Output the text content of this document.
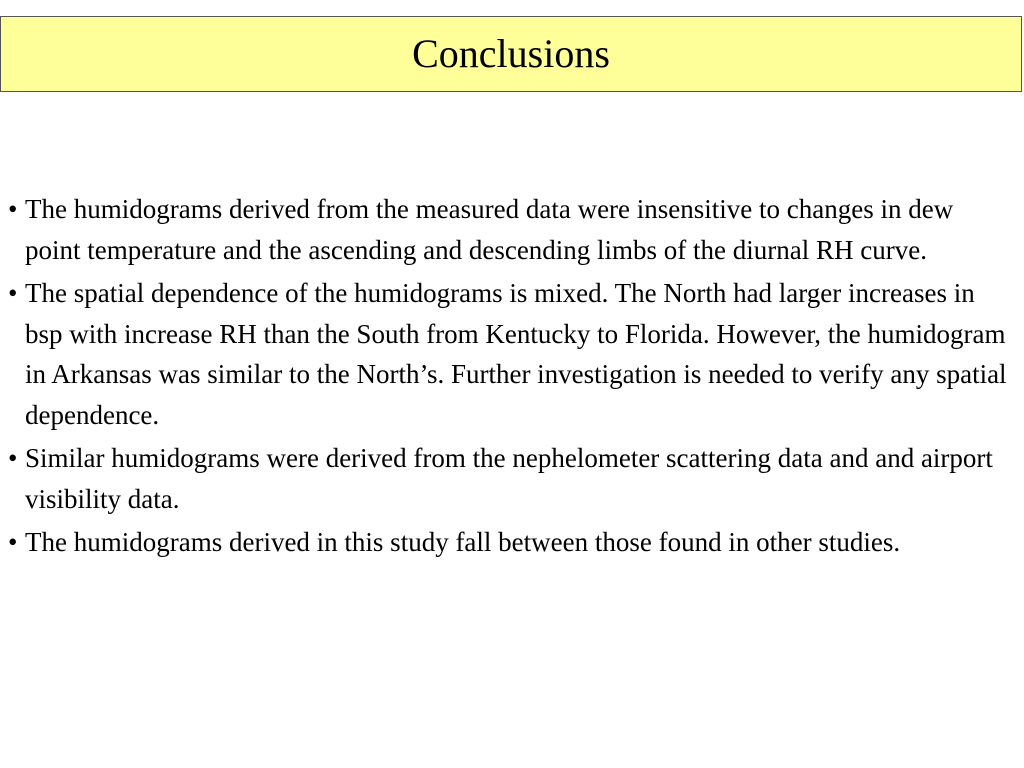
Conclusions
• The humidograms derived from the measured data were insensitive to changes in dew point temperature and the ascending and descending limbs of the diurnal RH curve.
• The spatial dependence of the humidograms is mixed. The North had larger increases in bsp with increase RH than the South from Kentucky to Florida. However, the humidogram in Arkansas was similar to the North’s. Further investigation is needed to verify any spatial dependence.
• Similar humidograms were derived from the nephelometer scattering data and and airport visibility data.
• The humidograms derived in this study fall between those found in other studies.
